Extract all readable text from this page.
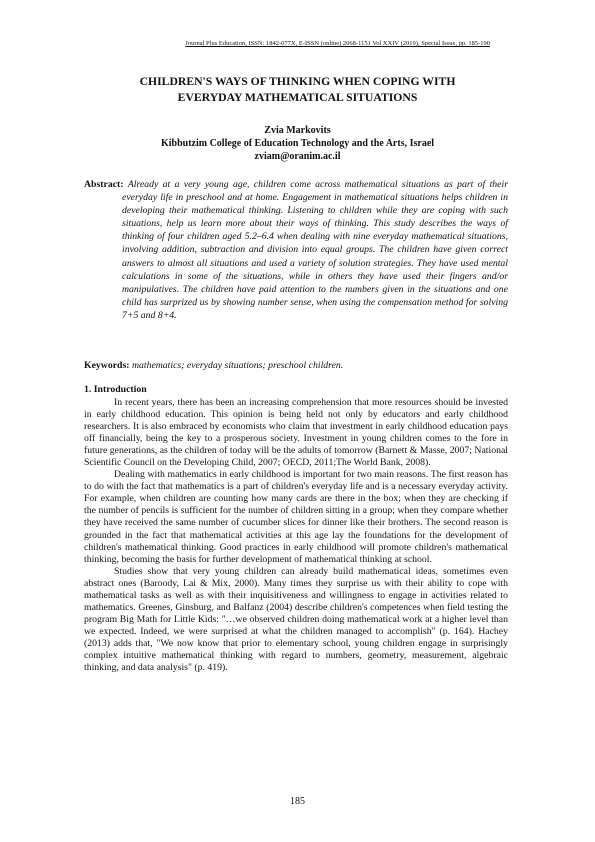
Journal Plus Education, ISSN: 1842-077X, E-ISSN (online) 2068-1151 Vol XXIV (2019), Special Issue, pp. 185-190
CHILDREN'S WAYS OF THINKING WHEN COPING WITH
EVERYDAY MATHEMATICAL SITUATIONS
Zvia Markovits
Kibbutzim College of Education Technology and the Arts, Israel
zviam@oranim.ac.il

Abstract: Already at a very young age, children come across mathematical situations as part of their everyday life in preschool and at home. Engagement in mathematical situations helps children in developing their mathematical thinking. Listening to children while they are coping with such situations, help us learn more about their ways of thinking. This study describes the ways of thinking of four children aged 5.2–6.4 when dealing with nine everyday mathematical situations, involving addition, subtraction and division into equal groups. The children have given correct answers to almost all situations and used a variety of solution strategies. They have used mental calculations in some of the situations, while in others they have used their fingers and/or manipulatives. The children have paid attention to the numbers given in the situations and one child has surprized us by showing number sense, when using the compensation method for solving 7+5 and 8+4.

Keywords: mathematics; everyday situations; preschool children.
1. Introduction

In recent years, there has been an increasing comprehension that more resources should be invested in early childhood education. This opinion is being held not only by educators and early childhood researchers. It is also embraced by economists who claim that investment in early childhood education pays off financially, being the key to a prosperous society. Investment in young children comes to the fore in future generations, as the children of today will be the adults of tomorrow (Barnett & Masse, 2007; National Scientific Council on the Developing Child, 2007; OECD, 2011;The World Bank, 2008).

Dealing with mathematics in early childhood is important for two main reasons. The first reason has to do with the fact that mathematics is a part of children's everyday life and is a necessary everyday activity. For example, when children are counting how many cards are there in the box; when they are checking if the number of pencils is sufficient for the number of children sitting in a group; when they compare whether they have received the same number of cucumber slices for dinner like their brothers. The second reason is grounded in the fact that mathematical activities at this age lay the foundations for the development of children's mathematical thinking. Good practices in early childhood will promote children's mathematical thinking, becoming the basis for further development of mathematical thinking at school.

Studies show that very young children can already build mathematical ideas, sometimes even abstract ones (Baroody, Lai & Mix, 2000). Many times they surprise us with their ability to cope with mathematical tasks as well as with their inquisitiveness and willingness to engage in activities related to mathematics. Greenes, Ginsburg, and Balfanz (2004) describe children's competences when field testing the program Big Math for Little Kids: "…we observed children doing mathematical work at a higher level than we expected. Indeed, we were surprised at what the children managed to accomplish" (p. 164). Hachey (2013) adds that, "We now know that prior to elementary school, young children engage in surprisingly complex intuitive mathematical thinking with regard to numbers, geometry, measurement, algebraic thinking, and data analysis" (p. 419).

185
